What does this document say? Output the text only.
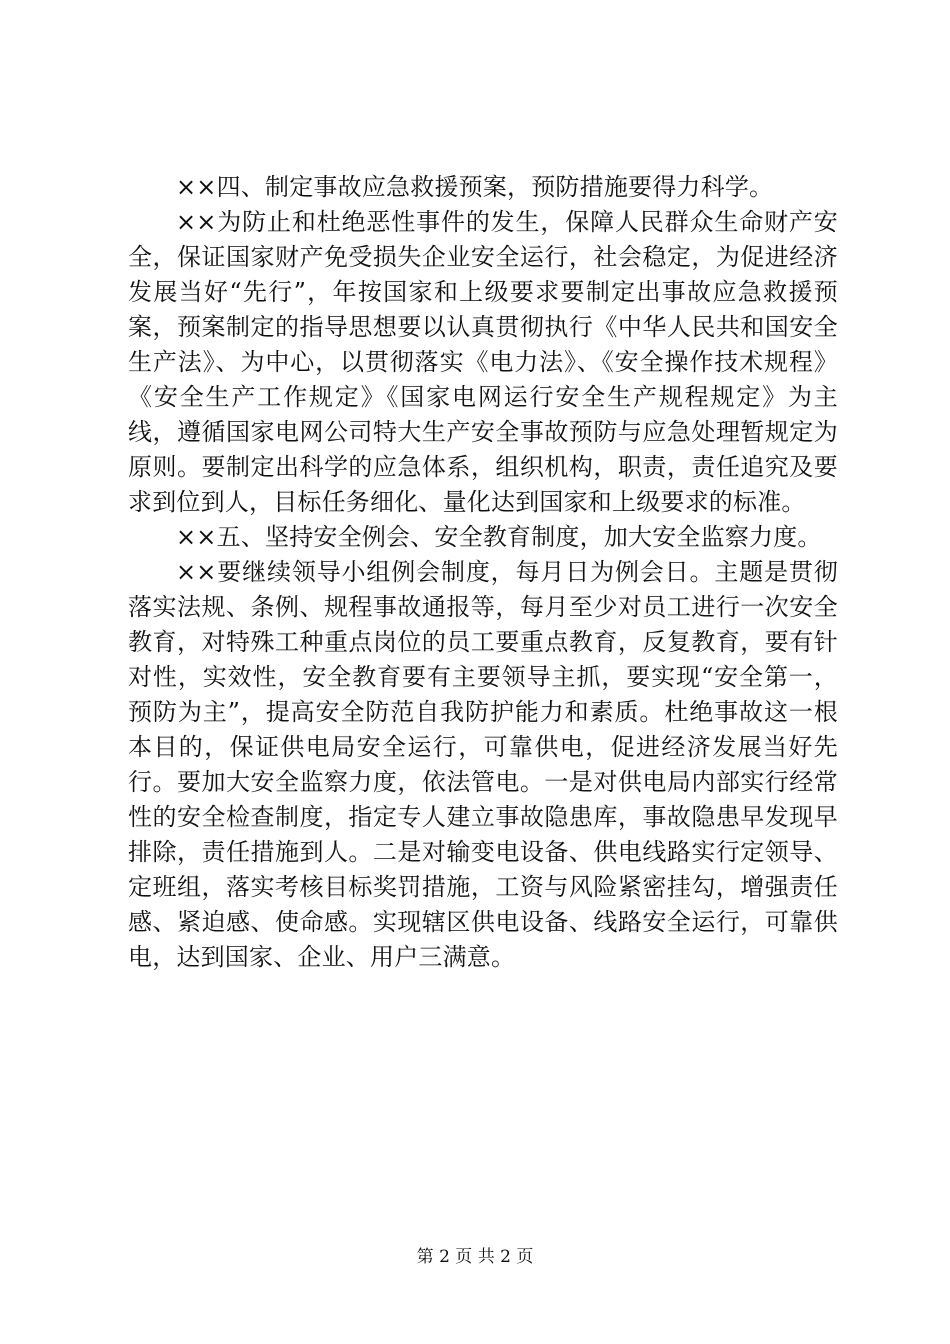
××四、制定事故应急救援预案，预防措施要得力科学。

××为防止和杜绝恶性事件的发生，保障人民群众生命财产安全，保证国家财产免受损失企业安全运行，社会稳定，为促进经济发展当好“先行”，年按国家和上级要求要制定出事故应急救援预案，预案制定的指导思想要以认真贯彻执行《中华人民共和国安全生产法》、为中心，以贯彻落实《电力法》、《安全操作技术规程》《安全生产工作规定》《国家电网运行安全生产规程规定》为主线，遵循国家电网公司特大生产安全事故预防与应急处理暂规定为原则。要制定出科学的应急体系，组织机构，职责，责任追究及要求到位到人，目标任务细化、量化达到国家和上级要求的标准。

××五、坚持安全例会、安全教育制度，加大安全监察力度。

××要继续领导小组例会制度，每月日为例会日。主题是贯彻落实法规、条例、规程事故通报等，每月至少对员工进行一次安全教育，对特殊工种重点岗位的员工要重点教育，反复教育，要有针对性，实效性，安全教育要有主要领导主抓，要实现“安全第一，预防为主”，提高安全防范自我防护能力和素质。杜绝事故这一根本目的，保证供电局安全运行，可靠供电，促进经济发展当好先行。要加大安全监察力度，依法管电。一是对供电局内部实行经常性的安全检查制度，指定专人建立事故隐患库，事故隐患早发现早排除，责任措施到人。二是对输变电设备、供电线路实行定领导、定班组，落实考核目标奖罚措施，工资与风险紧密挂勾，增强责任感、紧迫感、使命感。实现辖区供电设备、线路安全运行，可靠供电，达到国家、企业、用户三满意。

第 2 页 共 2 页
